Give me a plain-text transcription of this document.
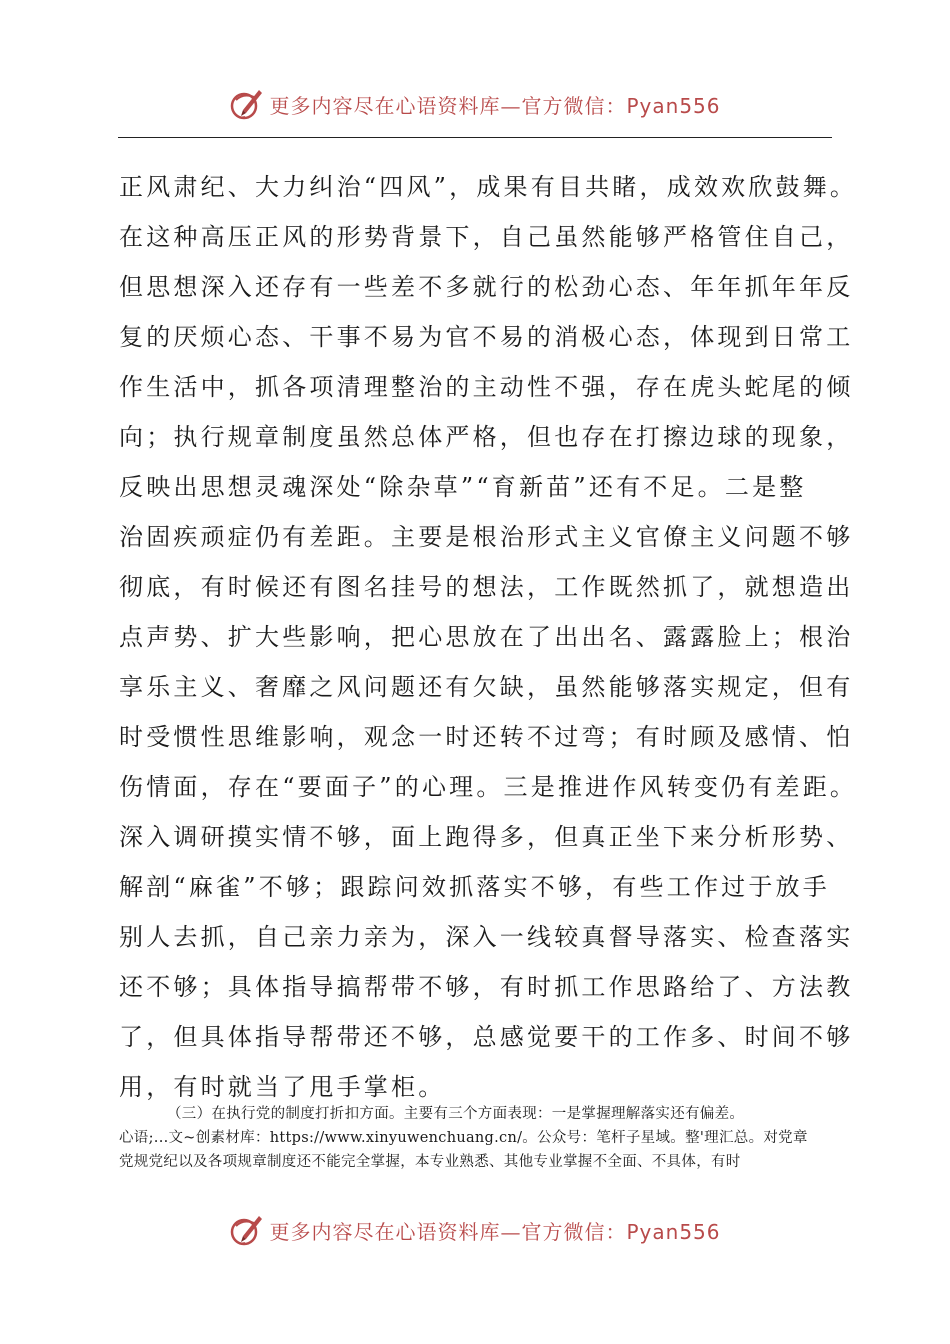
更多内容尽在心语资料库—官方微信：Pyan556
正风肃纪、大力纠治“四风”，成果有目共睹，成效欢欣鼓舞。
在这种高压正风的形势背景下，自己虽然能够严格管住自己，
但思想深入还存有一些差不多就行的松劲心态、年年抓年年反
复的厌烦心态、干事不易为官不易的消极心态，体现到日常工
作生活中，抓各项清理整治的主动性不强，存在虎头蛇尾的倾
向；执行规章制度虽然总体严格，但也存在打擦边球的现象，
反映出思想灵魂深处“除杂草”“育新苗”还有不足。二是整
治固疾顽症仍有差距。主要是根治形式主义官僚主义问题不够
彻底，有时候还有图名挂号的想法，工作既然抓了，就想造出
点声势、扩大些影响，把心思放在了出出名、露露脸上；根治
享乐主义、奢靡之风问题还有欠缺，虽然能够落实规定，但有
时受惯性思维影响，观念一时还转不过弯；有时顾及感情、怕
伤情面，存在“要面子”的心理。三是推进作风转变仍有差距。
深入调研摸实情不够，面上跑得多，但真正坐下来分析形势、
解剖“麻雀”不够；跟踪问效抓落实不够，有些工作过于放手
别人去抓，自己亲力亲为，深入一线较真督导落实、检查落实
还不够；具体指导搞帮带不够，有时抓工作思路给了、方法教
了，但具体指导帮带还不够，总感觉要干的工作多、时间不够
用，有时就当了甩手掌柜。
（三）在执行党的制度打折扣方面。主要有三个方面表现：一是掌握理解落实还有偏差。
心语;...文~创素材库：https://www.xinyuwenchuang.cn/。公众号：笔杆子星域。整'理汇总。对党章
党规党纪以及各项规章制度还不能完全掌握，本专业熟悉、其他专业掌握不全面、不具体，有时
更多内容尽在心语资料库—官方微信：Pyan556
